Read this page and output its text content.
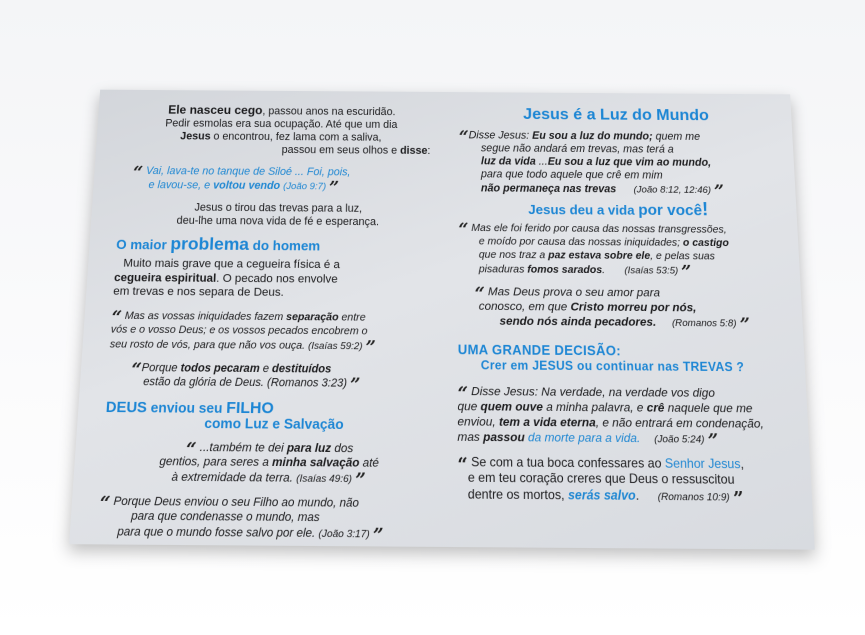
Ele nasceu cego, passou anos na escuridão.
Pedir esmolas era sua ocupação. Até que um dia
Jesus o encontrou, fez lama com a saliva,
passou em seus olhos e disse:
“ Vai, lava-te no tanque de Siloé ... Foi, pois,
e lavou-se, e voltou vendo (João 9:7) ”
Jesus o tirou das trevas para a luz,
deu-lhe uma nova vida de fé e esperança.
O maior problema do homem
Muito mais grave que a cegueira física é a
cegueira espiritual. O pecado nos envolve
em trevas e nos separa de Deus.
“ Mas as vossas iniquidades fazem separação entre
vós e o vosso Deus; e os vossos pecados encobrem o
seu rosto de vós, para que não vos ouça. (Isaías 59:2) ”
“Porque todos pecaram e destituídos
estão da glória de Deus. (Romanos 3:23) ”
DEUS enviou seu FILHO
como Luz e Salvação
“ ...também te dei para luz dos
gentios, para seres a minha salvação até
à extremidade da terra. (Isaías 49:6) ”
“ Porque Deus enviou o seu Filho ao mundo, não
para que condenasse o mundo, mas
para que o mundo fosse salvo por ele. (João 3:17) ”
Jesus é a Luz do Mundo
“Disse Jesus: Eu sou a luz do mundo; quem me
segue não andará em trevas, mas terá a
luz da vida ...Eu sou a luz que vim ao mundo,
para que todo aquele que crê em mim
não permaneça nas trevas (João 8:12, 12:46) ”
Jesus deu a vida por você!
“ Mas ele foi ferido por causa das nossas transgressões,
e moído por causa das nossas iniquidades; o castigo
que nos traz a paz estava sobre ele, e pelas suas
pisaduras fomos sarados. (Isaías 53:5) ”
“ Mas Deus prova o seu amor para
conosco, em que Cristo morreu por nós,
sendo nós ainda pecadores. (Romanos 5:8) ”
UMA GRANDE DECISÃO:
Crer em JESUS ou continuar nas TREVAS ?
“ Disse Jesus: Na verdade, na verdade vos digo
que quem ouve a minha palavra, e crê naquele que me
enviou, tem a vida eterna, e não entrará em condenação,
mas passou da morte para a vida. (João 5:24) ”
“ Se com a tua boca confessares ao Senhor Jesus,
e em teu coração creres que Deus o ressuscitou
dentre os mortos, serás salvo. (Romanos 10:9) ”
